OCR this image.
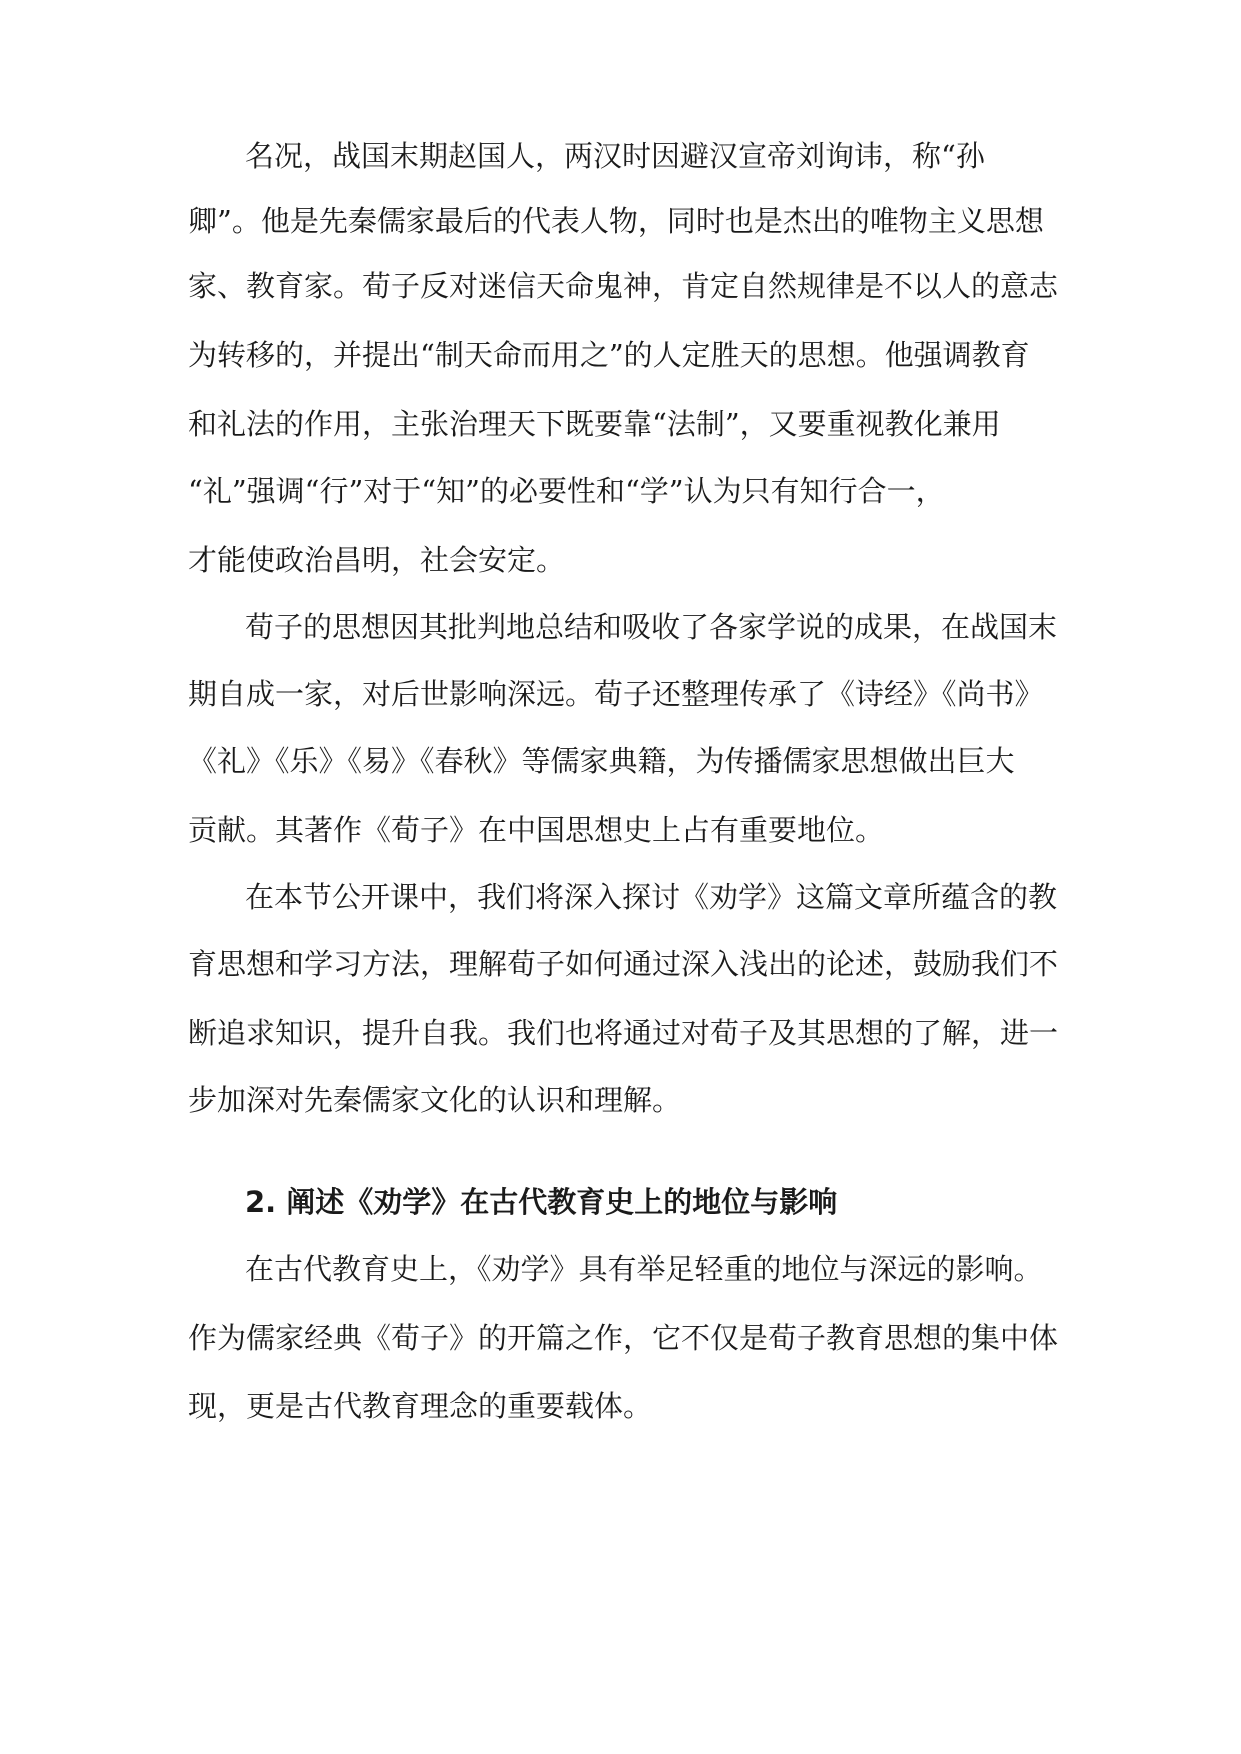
名况，战国末期赵国人，两汉时因避汉宣帝刘询讳，称“孙
卿”。他是先秦儒家最后的代表人物，同时也是杰出的唯物主义思想
家、教育家。荀子反对迷信天命鬼神，肯定自然规律是不以人的意志
为转移的，并提出“制天命而用之”的人定胜天的思想。他强调教育
和礼法的作用，主张治理天下既要靠“法制”，又要重视教化兼用
“礼”强调“行”对于“知”的必要性和“学”认为只有知行合一，
才能使政治昌明，社会安定。
荀子的思想因其批判地总结和吸收了各家学说的成果，在战国末
期自成一家，对后世影响深远。荀子还整理传承了《诗经》《尚书》
《礼》《乐》《易》《春秋》等儒家典籍，为传播儒家思想做出巨大
贡献。其著作《荀子》在中国思想史上占有重要地位。
在本节公开课中，我们将深入探讨《劝学》这篇文章所蕴含的教
育思想和学习方法，理解荀子如何通过深入浅出的论述，鼓励我们不
断追求知识，提升自我。我们也将通过对荀子及其思想的了解，进一
步加深对先秦儒家文化的认识和理解。
2. 阐述《劝学》在古代教育史上的地位与影响
在古代教育史上，《劝学》具有举足轻重的地位与深远的影响。
作为儒家经典《荀子》的开篇之作，它不仅是荀子教育思想的集中体
现，更是古代教育理念的重要载体。
